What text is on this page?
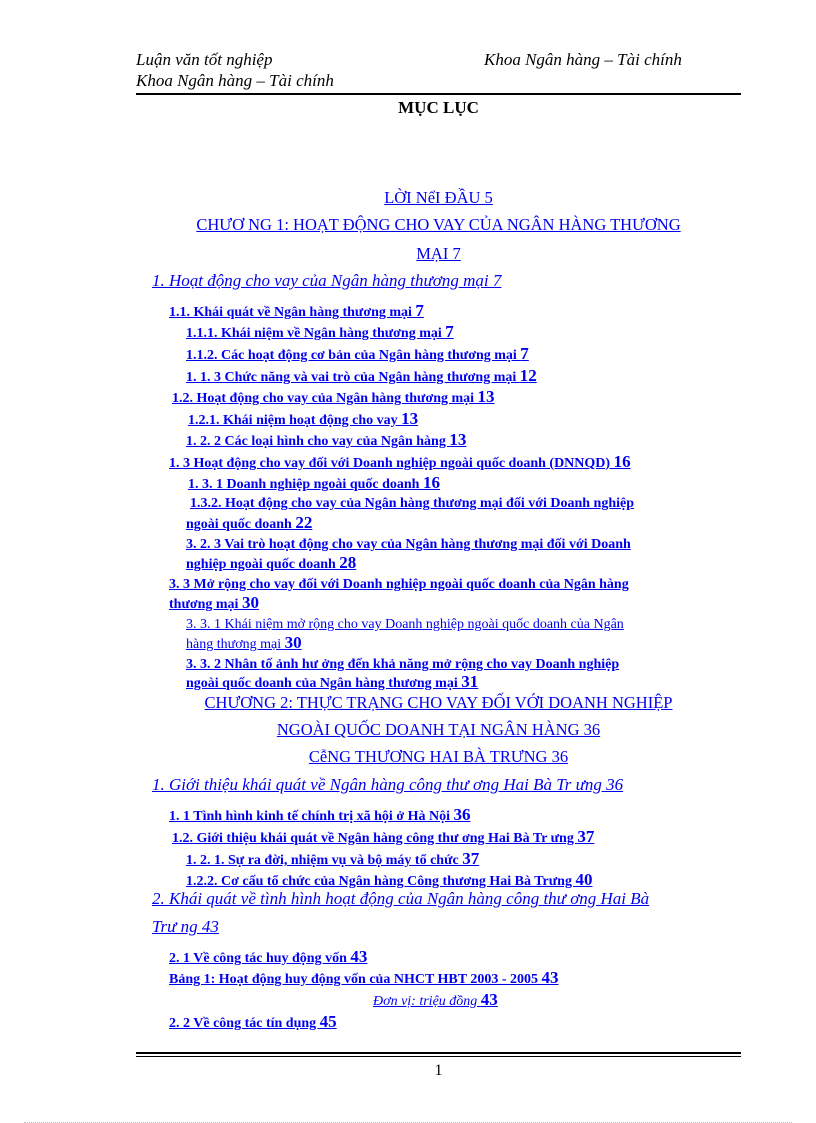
Luận văn tốt nghiệp	Khoa Ngân hàng – Tài chính
Khoa Ngân hàng – Tài chính
MỤC LỤC
LỜI NểI ĐẦU 5
CHƯƠ NG 1: HOẠT ĐỘNG CHO VAY CỦA NGÂN HÀNG THƯƠNG
MẠI 7
1. Hoạt động cho vay của Ngân hàng thương mại 7
1.1. Khái quát về Ngân hàng thương mại 7
1.1.1. Khái niệm về Ngân hàng thương mại 7
1.1.2. Các hoạt động cơ bản của Ngân hàng thương mại 7
1. 1. 3 Chức năng và vai trò của Ngân hàng thương mại 12
1.2. Hoạt động cho vay của Ngân hàng thương mại 13
1.2.1. Khái niệm hoạt động cho vay 13
1. 2. 2 Các loại hình cho vay của Ngân hàng 13
1. 3 Hoạt động cho vay đối với Doanh nghiệp ngoài quốc doanh (DNNQD) 16
1. 3. 1 Doanh nghiệp ngoài quốc doanh 16
1.3.2. Hoạt động cho vay của Ngân hàng thương mại đối với Doanh nghiệp
ngoài quốc doanh 22
3. 2. 3 Vai trò hoạt động cho vay của Ngân hàng thương mại đối với Doanh
nghiệp ngoài quốc doanh 28
3. 3 Mở rộng cho vay đối với Doanh nghiệp ngoài quốc doanh của Ngân hàng
thương mại 30
3. 3. 1 Khái niệm mở rộng cho vay Doanh nghiệp ngoài quốc doanh của Ngân
hàng thương mại 30
3. 3. 2 Nhân tố ảnh hư ởng đến khả năng mở rộng cho vay Doanh nghiệp
ngoài quốc doanh của Ngân hàng thương mại 31
CHƯƠNG 2: THỰC TRẠNG CHO VAY ĐỐI VỚI DOANH NGHIỆP
NGOÀI QUỐC DOANH TẠI NGÂN HÀNG 36
CễNG THƯƠNG HAI BÀ TRƯNG 36
1. Giới thiệu khái quát về Ngân hàng công thư ơng Hai Bà Tr ưng 36
1. 1 Tình hình kinh tế chính trị xã hội ở Hà Nội 36
1.2. Giới thiệu khái quát về Ngân hàng công thư ơng Hai Bà Tr ưng 37
1. 2. 1. Sự ra đời, nhiệm vụ và bộ máy tổ chức 37
1.2.2. Cơ cấu tổ chức của Ngân hàng Công thương Hai Bà Trưng 40
2. Khái quát về tình hình hoạt động của Ngân hàng công thư ơng Hai Bà
Trư ng 43
2. 1 Về công tác huy động vốn 43
Bảng 1: Hoạt động huy động vốn của NHCT HBT 2003 - 2005 43
Đơn vị: triệu đồng 43
2. 2 Về công tác tín dụng 45
1
